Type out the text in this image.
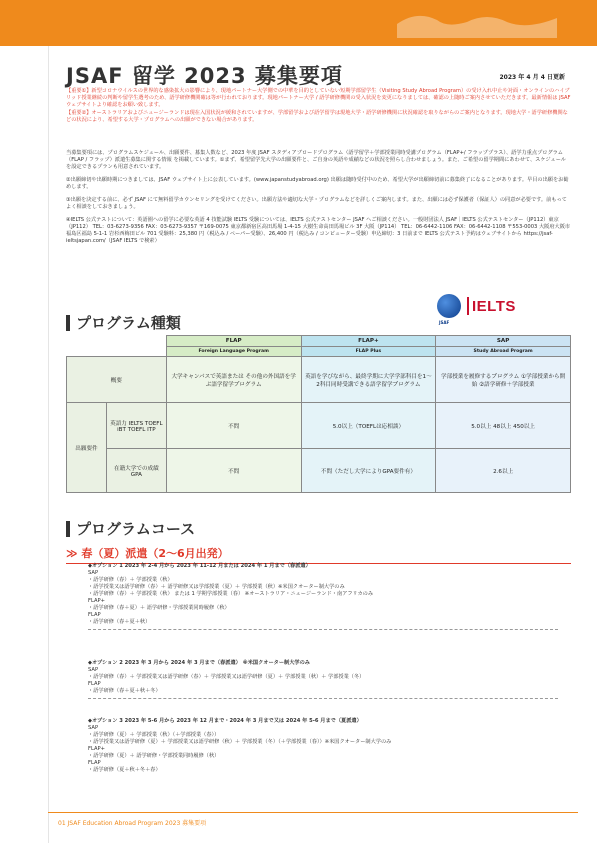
JSAF 留学 2023 募集要項	2023 年 4 月 4 日更新

【重要①】新型コロナウイルスの世界的な感染拡大の影響により、現地パートナー大学側での中華を目的としていない短期学部留学生（Visiting Study Abroad Program）の受け入れ中止や対面・オンラインのハイブリッド授業継続の判断や留学生選考のため、語学研修機関確は等が行われております。現地パートナー大学 / 語学研修機関の受入状況を変更になりましては、確認の上随時ご案内させていただきます。最新情報は JSAF ウェブサイトより確認をお願い致します。

【重要②】オーストラリアおよびニュージーランドは現在入国状況が緩和されていますが、学部留学および語学留学は現地大学・語学研修機関に状況確認を取りながらのご案内となります。現地大学・語学研修機関などの状況により、希望する大学・プログラムへの出願ができない場合があります。

当募集要項には、プログラムスケジュール、出願要件、募集人数など、2023 年度 JSAF スタディアブロードプログラム（語学留学＋学部授業同時受講プログラム（FLAP+/ フラッププラス）、語学力重点プログラム（FLAP / フラップ）派遣生募集に関する情報 を掲載しています。①まず、希望留学先大学の出願要件と、ご自身の英語や成績などの状況を照らし合わせましょう。また、ご希望の留学期間にあわせて、スケジュールを設定できるプランも用意されています。

②出願締切や出願時期につきましては、JSAF ウェブサイト上に公表しています。(www.japanstudyabroad.org) 出願は随時受付中のため、希望大学が出願締切前に募集終了になることがあります。早目の出願をお勧めします。

③出願を決定する前に、必ず JSAF にて無料留学カウンセリングを受けてください。出願方法や適切な大学・プログラムなどを詳しくご案内します。また、出願には必ず保護者（保証人）の同意が必要です。前もってよく相談をしておきましょう。

④IELTS 公式テストについて：英語圏への留学に必要な英語 4 技能試験 IELTS 受験については、IELTS 公式テストセンター JSAF へご相談ください。一般財団法人 JSAF｜IELTS 公式テストセンター（JP112）東京（JP112） TEL：03-6273-9356 FAX：03-6273-9357 〒169-0075 東京都新宿区高田馬場 1-4-15 大樹生命高田馬場ビル 3F 大阪（JP114） TEL：06-6442-1106 FAX：06-6442-1108 〒553-0003 大阪府大阪市福島区福島 5-1-1 岩杉西梅田ビル 701 受験料：25,380 円（税込み / ペーパー受験）、26,400 円（税込み / コンピューター受験）申込締切：3 日前まで IELTS 公式テスト予約はウェブサイトから https://jsaf-ieltsjapan.com/（JSAF IELTS で検索）

JSAF
IELTS
プログラム種類

		FLAP	FLAP+	SAP

		Foreign Language Program	FLAP Plus	Study Abroad Program
概要		大学キャンパスで英語または その他の外国語を学ぶ語学留学プログラム	英語を学びながら、最終学期に大学学部科目を1〜2科目同時受講できる語学留学プログラム	学部授業を履修するプログラム ①学部授業から開始 ②語学研修＋学部授業
出願要件	英語力 IELTS TOEFL iBT TOEFL ITP	不問	5.0以上（TOEFLは応相談）	5.0以上 48以上 450以上
	在籍大学での成績 GPA	不問	不問（ただし大学によりGPA要件有）	2.6以上
プログラムコース
≫ 春（夏）派遣（2〜6月出発）
◆オプション 1 2023 年 2-4 月から 2023 年 11-12 月または 2024 年 1 月まで（春派遣）
SAP
・語学研修（春）＋ 学部授業（秋）
・語学授業又は語学研修（春）＋ 語学研修又は学部授業（夏）＋ 学部授業（秋）※米国クオーター制大学のみ
・語学研修（春）＋ 学部授業（秋） または 1 学期学部授業（春） ※オーストラリア・ニュージーランド・南アフリカのみ
FLAP+
・語学研修（春＋夏）＋ 語学研修・学部授業同時履修（秋）
FLAP
・語学研修（春＋夏＋秋）
◆オプション 2 2023 年 3 月から 2024 年 3 月まで（春派遣） ※米国クオーター制大学のみ
SAP
・語学研修（春）＋ 学部授業又は語学研修（春）＋ 学部授業又は語学研修（夏）＋ 学部授業（秋）＋ 学部授業（冬）
FLAP
・語学研修（春＋夏＋秋＋冬）
◆オプション 3 2023 年 5-6 月から 2023 年 12 月まで・2024 年 3 月まで又は 2024 年 5-6 月まで（夏派遣）
SAP
・語学研修（夏）＋ 学部授業（秋）（＋学部授業（春））
・語学授業又は語学研修（夏）＋ 学部授業又は語学研修（秋）＋ 学部授業（冬）（＋学部授業（春））※米国クオーター制大学のみ
FLAP+
・語学研修（夏）＋ 語学研修・学部授業同時履修（秋）
FLAP
・語学研修（夏＋秋＋冬＋春）
01 JSAF Education Abroad Program 2023 募集要項
